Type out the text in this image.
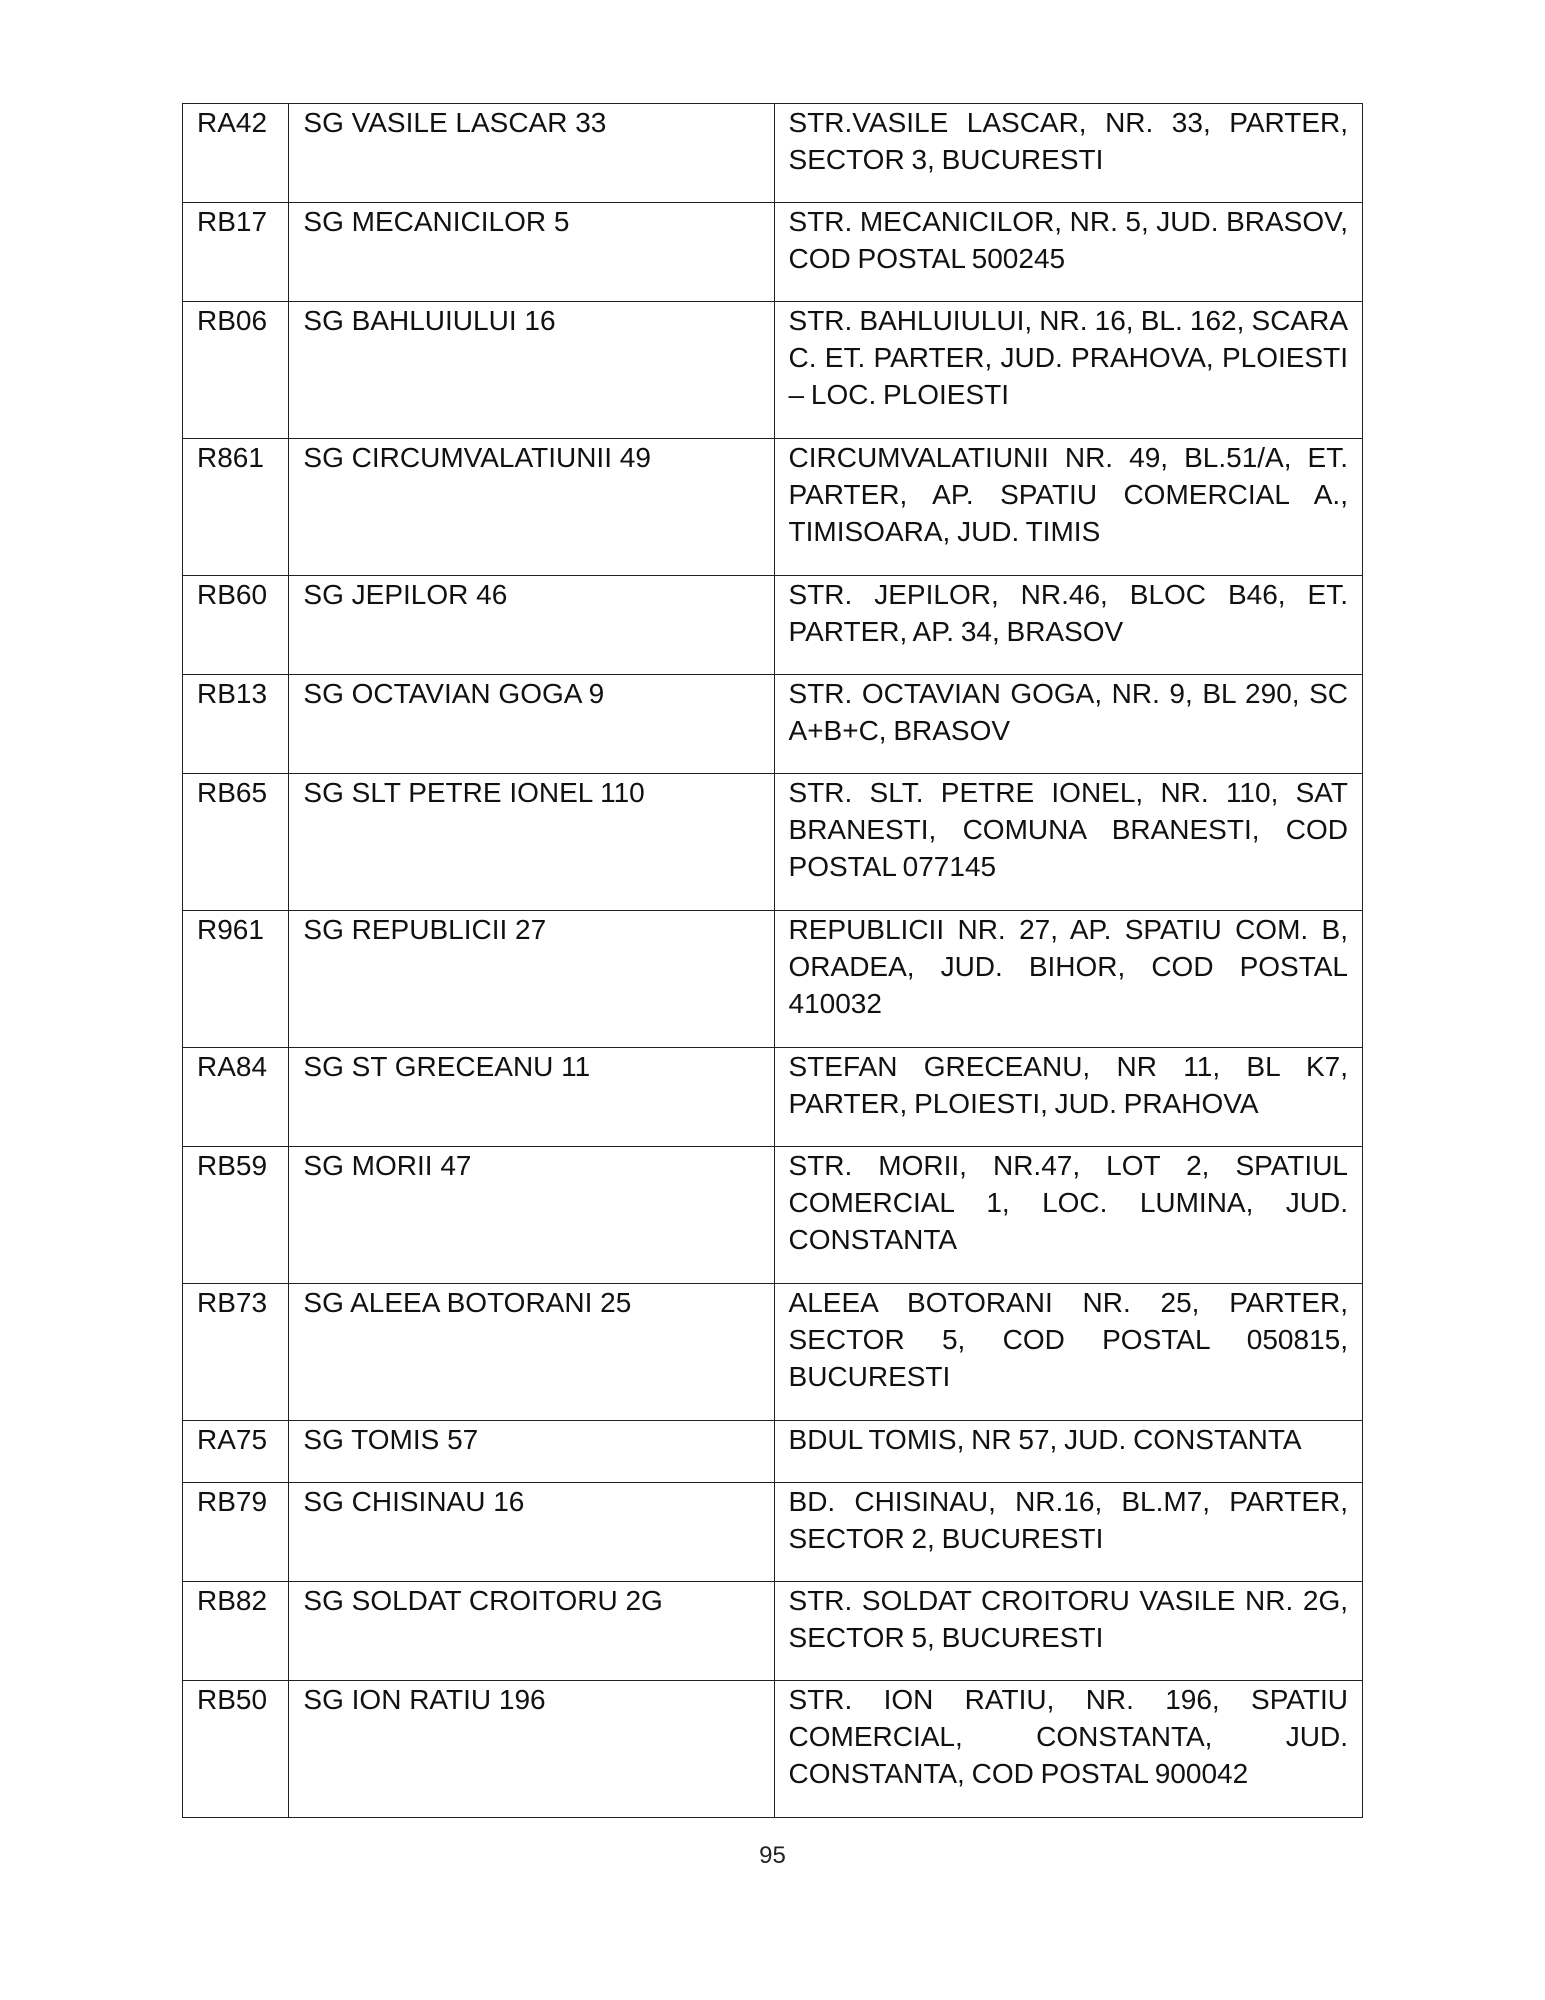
RA42	SG VASILE LASCAR 33	STR.VASILE LASCAR, NR. 33, PARTER, SECTOR 3, BUCURESTI
RB17	SG MECANICILOR 5	STR. MECANICILOR, NR. 5, JUD. BRASOV, COD POSTAL 500245
RB06	SG BAHLUIULUI 16	STR. BAHLUIULUI, NR. 16, BL. 162, SCARA C. ET. PARTER, JUD. PRAHOVA, PLOIESTI – LOC. PLOIESTI
R861	SG CIRCUMVALATIUNII 49	CIRCUMVALATIUNII NR. 49, BL.51/A, ET. PARTER, AP. SPATIU COMERCIAL A., TIMISOARA, JUD. TIMIS
RB60	SG JEPILOR 46	STR. JEPILOR, NR.46, BLOC B46, ET. PARTER, AP. 34, BRASOV
RB13	SG OCTAVIAN GOGA 9	STR. OCTAVIAN GOGA, NR. 9, BL 290, SC A+B+C, BRASOV
RB65	SG SLT PETRE IONEL 110	STR. SLT. PETRE IONEL, NR. 110, SAT BRANESTI, COMUNA BRANESTI, COD POSTAL 077145
R961	SG REPUBLICII 27	REPUBLICII NR. 27, AP. SPATIU COM. B, ORADEA, JUD. BIHOR, COD POSTAL 410032
RA84	SG ST GRECEANU 11	STEFAN GRECEANU, NR 11, BL K7, PARTER, PLOIESTI, JUD. PRAHOVA
RB59	SG MORII 47	STR. MORII, NR.47, LOT 2, SPATIUL COMERCIAL 1, LOC. LUMINA, JUD. CONSTANTA
RB73	SG ALEEA BOTORANI 25	ALEEA BOTORANI NR. 25, PARTER, SECTOR 5, COD POSTAL 050815, BUCURESTI
RA75	SG TOMIS 57	BDUL TOMIS, NR 57, JUD. CONSTANTA
RB79	SG CHISINAU 16	BD. CHISINAU, NR.16, BL.M7, PARTER, SECTOR 2, BUCURESTI
RB82	SG SOLDAT CROITORU 2G	STR. SOLDAT CROITORU VASILE NR. 2G, SECTOR 5, BUCURESTI
RB50	SG ION RATIU 196	STR. ION RATIU, NR. 196, SPATIU COMERCIAL, CONSTANTA, JUD. CONSTANTA, COD POSTAL 900042
95
